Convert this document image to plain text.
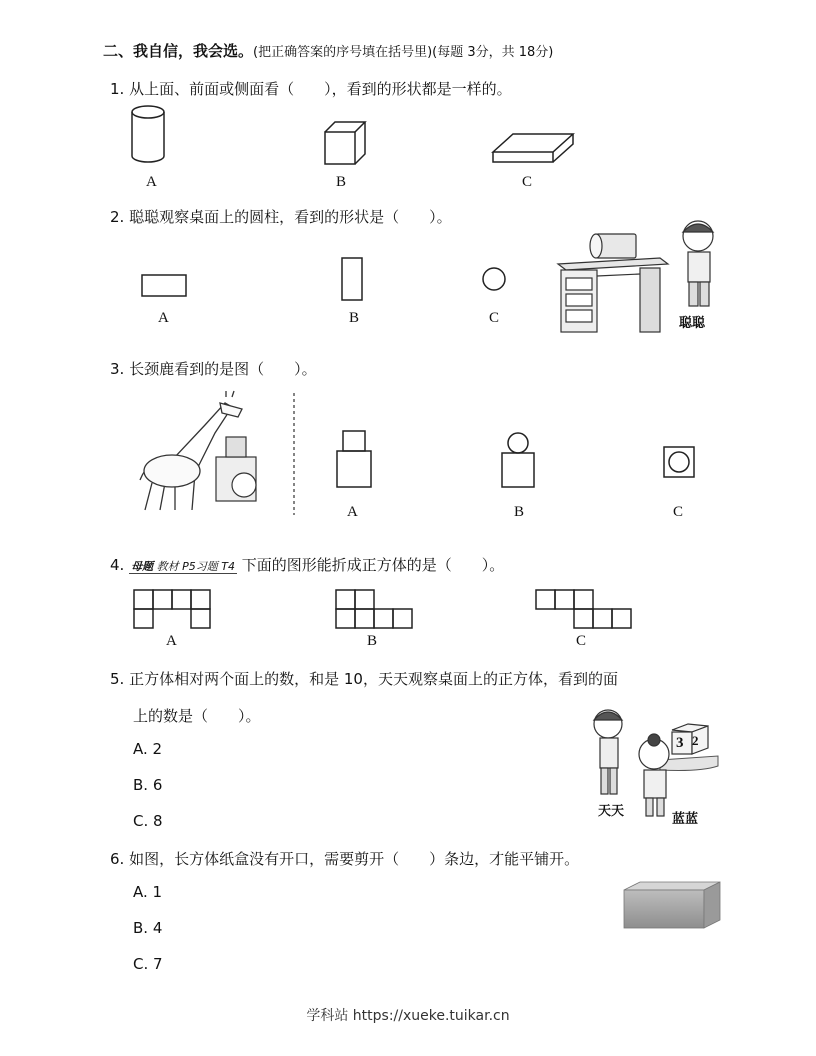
二、我自信，我会选。(把正确答案的序号填在括号里)(每题 3分，共 18分)
1. 从上面、前面或侧面看（　　），看到的形状都是一样的。
A	B	C
2. 聪聪观察桌面上的圆柱，看到的形状是（　　）。
A	B	C	聪聪
3. 长颈鹿看到的是图（　　）。
A	B	C
4. 母题 教材 P5习题 T4 下面的图形能折成正方体的是（　　）。
A	B	C
5. 正方体相对两个面上的数，和是 10，天天观察桌面上的正方体，看到的面
上的数是（　　）。
A. 2
B. 6
C. 8
3 2
天天
蓝蓝
6. 如图，长方体纸盒没有开口，需要剪开（　　）条边，才能平铺开。
A. 1
B. 4
C. 7
学科站 https://xueke.tuikar.cn
